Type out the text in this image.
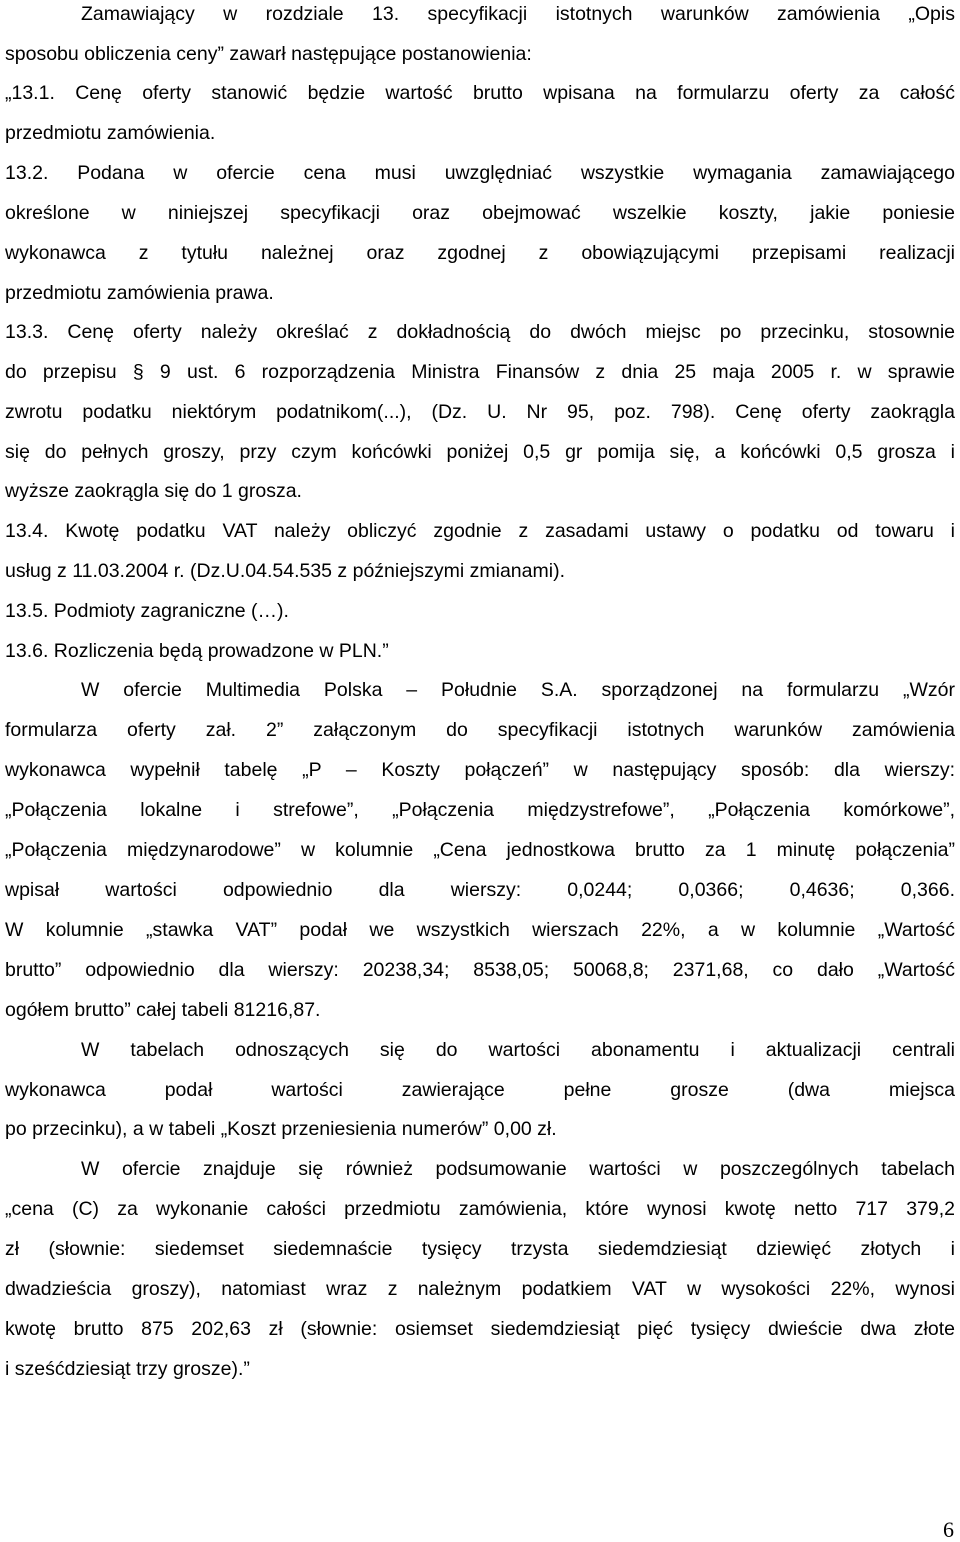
Zamawiający w rozdziale 13. specyfikacji istotnych warunków zamówienia „Opis
sposobu obliczenia ceny” zawarł następujące postanowienia:
„13.1. Cenę oferty stanowić będzie wartość brutto wpisana na formularzu oferty za całość
przedmiotu zamówienia.
13.2. Podana w ofercie cena musi uwzględniać wszystkie wymagania zamawiającego
określone w niniejszej specyfikacji oraz obejmować wszelkie koszty, jakie poniesie
wykonawca z tytułu należnej oraz zgodnej z obowiązującymi przepisami realizacji
przedmiotu zamówienia prawa.
13.3. Cenę oferty należy określać z dokładnością do dwóch miejsc po przecinku, stosownie
do przepisu § 9 ust. 6 rozporządzenia Ministra Finansów z dnia 25 maja 2005 r. w sprawie
zwrotu podatku niektórym podatnikom(...), (Dz. U. Nr 95, poz. 798). Cenę oferty zaokrągla
się do pełnych groszy, przy czym końcówki poniżej 0,5 gr pomija się, a końcówki 0,5 grosza i
wyższe zaokrągla się do 1 grosza.
13.4. Kwotę podatku VAT należy obliczyć zgodnie z zasadami ustawy o podatku od towaru i
usług z 11.03.2004 r. (Dz.U.04.54.535 z późniejszymi zmianami).
13.5. Podmioty zagraniczne (…).
13.6. Rozliczenia będą prowadzone w PLN.”
W ofercie Multimedia Polska – Południe S.A. sporządzonej na formularzu „Wzór
formularza oferty zał. 2” załączonym do specyfikacji istotnych warunków zamówienia
wykonawca wypełnił tabelę „P – Koszty połączeń” w następujący sposób: dla wierszy:
„Połączenia lokalne i strefowe”, „Połączenia międzystrefowe”, „Połączenia komórkowe”,
„Połączenia międzynarodowe” w kolumnie „Cena jednostkowa brutto za 1 minutę połączenia”
wpisał wartości odpowiednio dla wierszy: 0,0244; 0,0366; 0,4636; 0,366.
W kolumnie „stawka VAT” podał we wszystkich wierszach 22%, a w kolumnie „Wartość
brutto” odpowiednio dla wierszy: 20238,34; 8538,05; 50068,8; 2371,68, co dało „Wartość
ogółem brutto” całej tabeli 81216,87.
W tabelach odnoszących się do wartości abonamentu i aktualizacji centrali
wykonawca podał wartości zawierające pełne grosze (dwa miejsca
po przecinku), a w tabeli „Koszt przeniesienia numerów” 0,00 zł.
W ofercie znajduje się również podsumowanie wartości w poszczególnych tabelach
„cena (C) za wykonanie całości przedmiotu zamówienia, które wynosi kwotę netto 717 379,2
zł (słownie: siedemset siedemnaście tysięcy trzysta siedemdziesiąt dziewięć złotych i
dwadzieścia groszy), natomiast wraz z należnym podatkiem VAT w wysokości 22%, wynosi
kwotę brutto 875 202,63 zł (słownie: osiemset siedemdziesiąt pięć tysięcy dwieście dwa złote
i sześćdziesiąt trzy grosze).”
6
